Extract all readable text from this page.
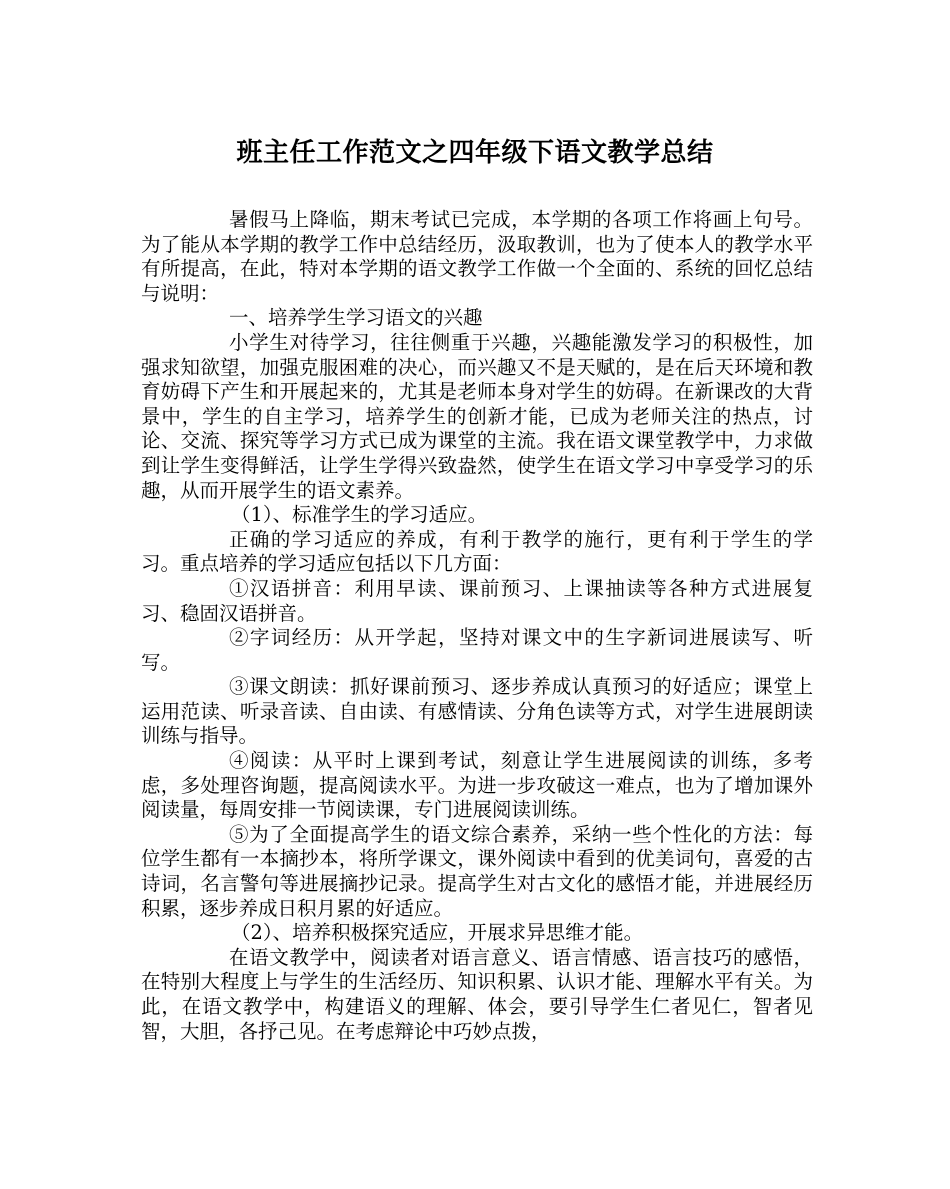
班主任工作范文之四年级下语文教学总结

暑假马上降临，期末考试已完成，本学期的各项工作将画上句号。为了能从本学期的教学工作中总结经历，汲取教训，也为了使本人的教学水平有所提高，在此，特对本学期的语文教学工作做一个全面的、系统的回忆总结与说明：

一、培养学生学习语文的兴趣

小学生对待学习，往往侧重于兴趣，兴趣能激发学习的积极性，加强求知欲望，加强克服困难的决心，而兴趣又不是天赋的，是在后天环境和教育妨碍下产生和开展起来的，尤其是老师本身对学生的妨碍。在新课改的大背景中，学生的自主学习，培养学生的创新才能，已成为老师关注的热点，讨论、交流、探究等学习方式已成为课堂的主流。我在语文课堂教学中，力求做到让学生变得鲜活，让学生学得兴致盎然，使学生在语文学习中享受学习的乐趣，从而开展学生的语文素养。

（1）、标准学生的学习适应。

正确的学习适应的养成，有利于教学的施行，更有利于学生的学习。重点培养的学习适应包括以下几方面：

①汉语拼音：利用早读、课前预习、上课抽读等各种方式进展复习、稳固汉语拼音。

②字词经历：从开学起，坚持对课文中的生字新词进展读写、听写。

③课文朗读：抓好课前预习、逐步养成认真预习的好适应；课堂上运用范读、听录音读、自由读、有感情读、分角色读等方式，对学生进展朗读训练与指导。

④阅读：从平时上课到考试，刻意让学生进展阅读的训练，多考虑，多处理咨询题，提高阅读水平。为进一步攻破这一难点，也为了增加课外阅读量，每周安排一节阅读课，专门进展阅读训练。

⑤为了全面提高学生的语文综合素养，采纳一些个性化的方法：每位学生都有一本摘抄本，将所学课文，课外阅读中看到的优美词句，喜爱的古诗词，名言警句等进展摘抄记录。提高学生对古文化的感悟才能，并进展经历积累，逐步养成日积月累的好适应。

（2）、培养积极探究适应，开展求异思维才能。

在语文教学中，阅读者对语言意义、语言情感、语言技巧的感悟，在特别大程度上与学生的生活经历、知识积累、认识才能、理解水平有关。为此，在语文教学中，构建语义的理解、体会，要引导学生仁者见仁，智者见智，大胆，各抒己见。在考虑辩论中巧妙点拨，
